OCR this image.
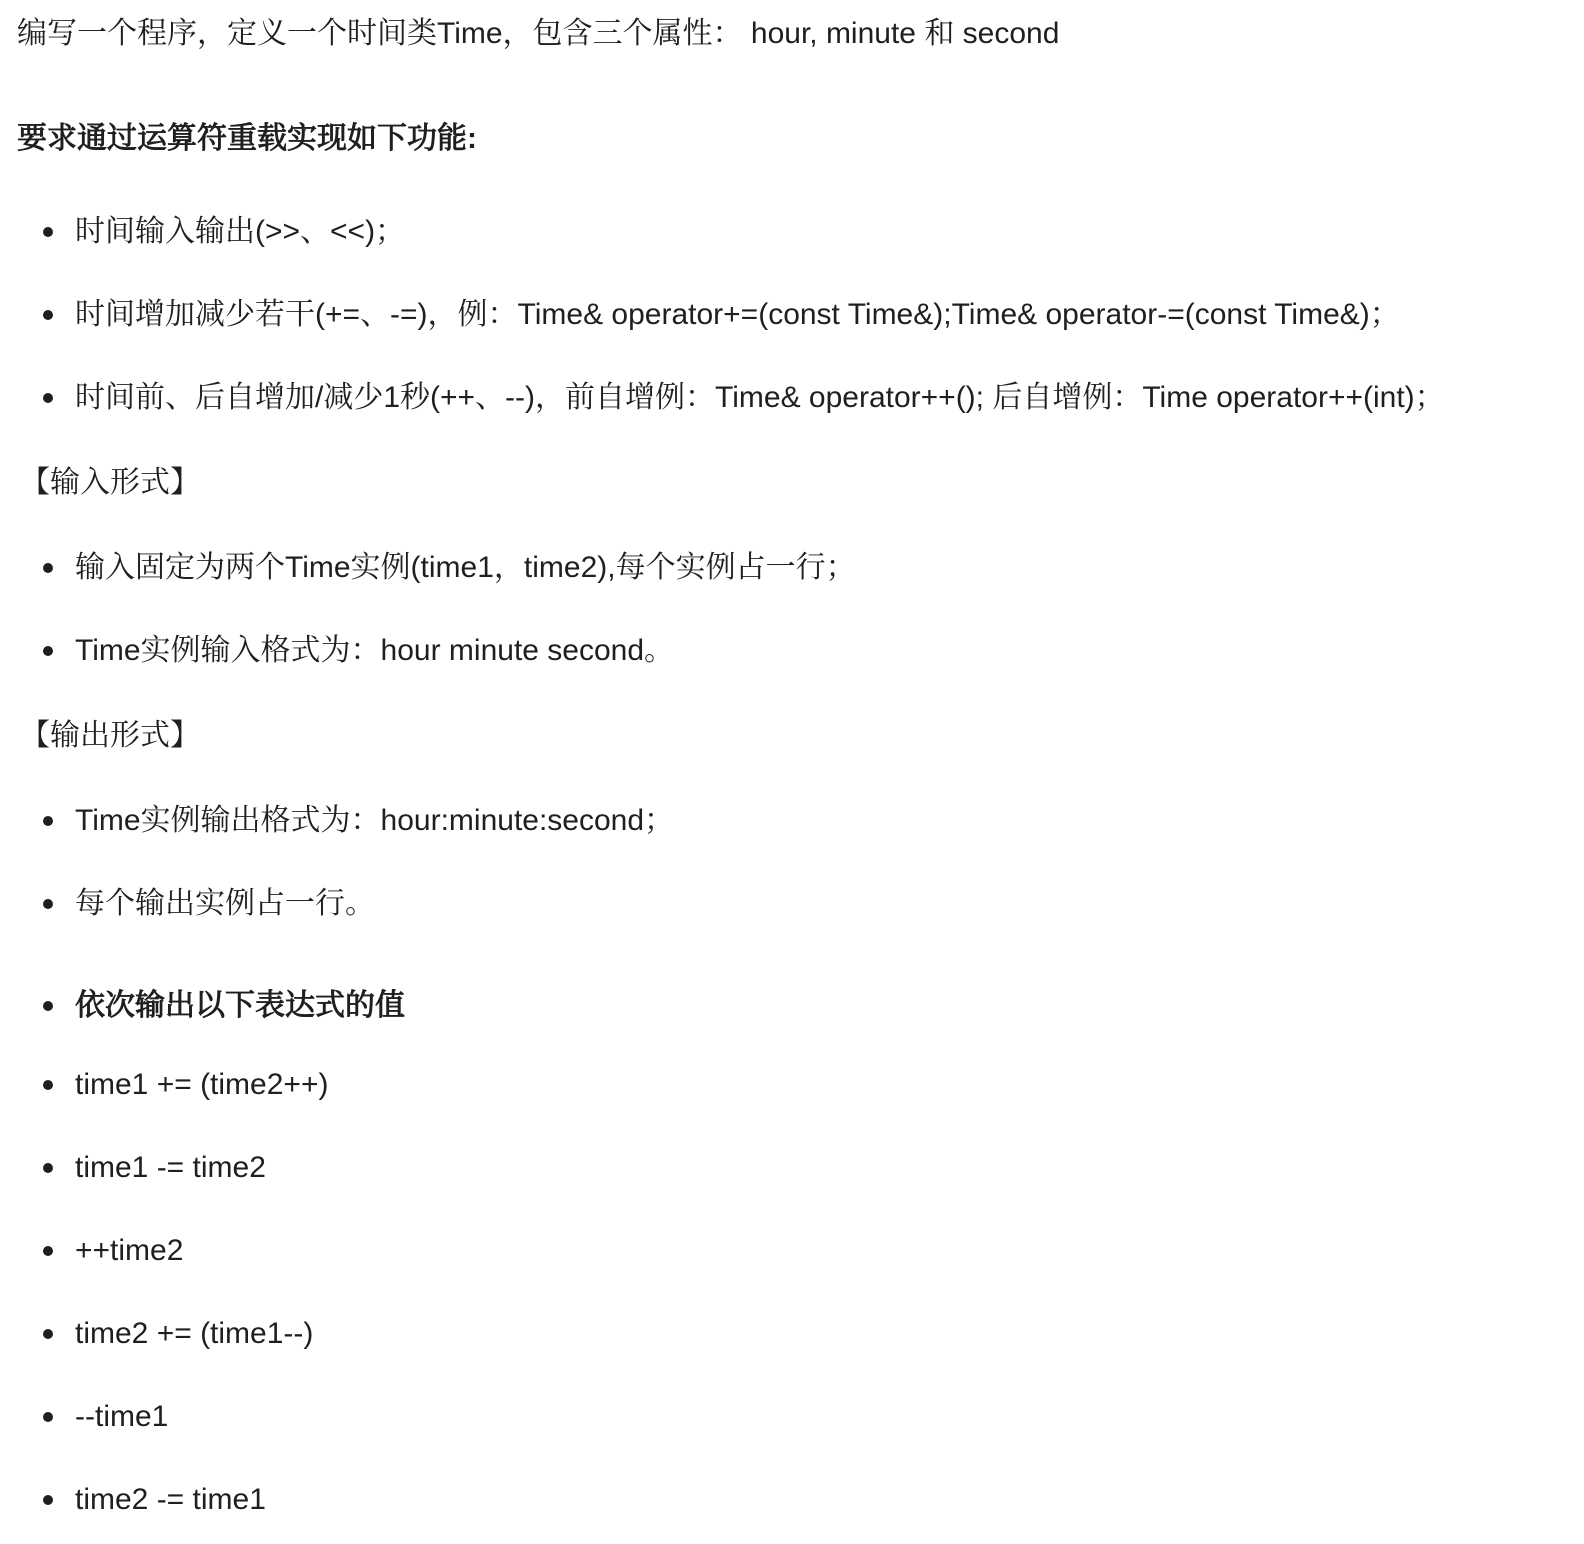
编写一个程序，定义一个时间类Time，包含三个属性： hour, minute 和 second
要求通过运算符重载实现如下功能:
时间输入输出(>>、<<)；
时间增加减少若干(+=、-=)，例：Time& operator+=(const Time&);Time& operator-=(const Time&)；
时间前、后自增加/减少1秒(++、--)，前自增例：Time& operator++(); 后自增例：Time operator++(int)；
【输入形式】
输入固定为两个Time实例(time1，time2),每个实例占一行；
Time实例输入格式为：hour minute second。
【输出形式】
Time实例输出格式为：hour:minute:second；
每个输出实例占一行。
依次输出以下表达式的值
time1 += (time2++)
time1 -= time2
++time2
time2 += (time1--)
--time1
time2 -= time1
